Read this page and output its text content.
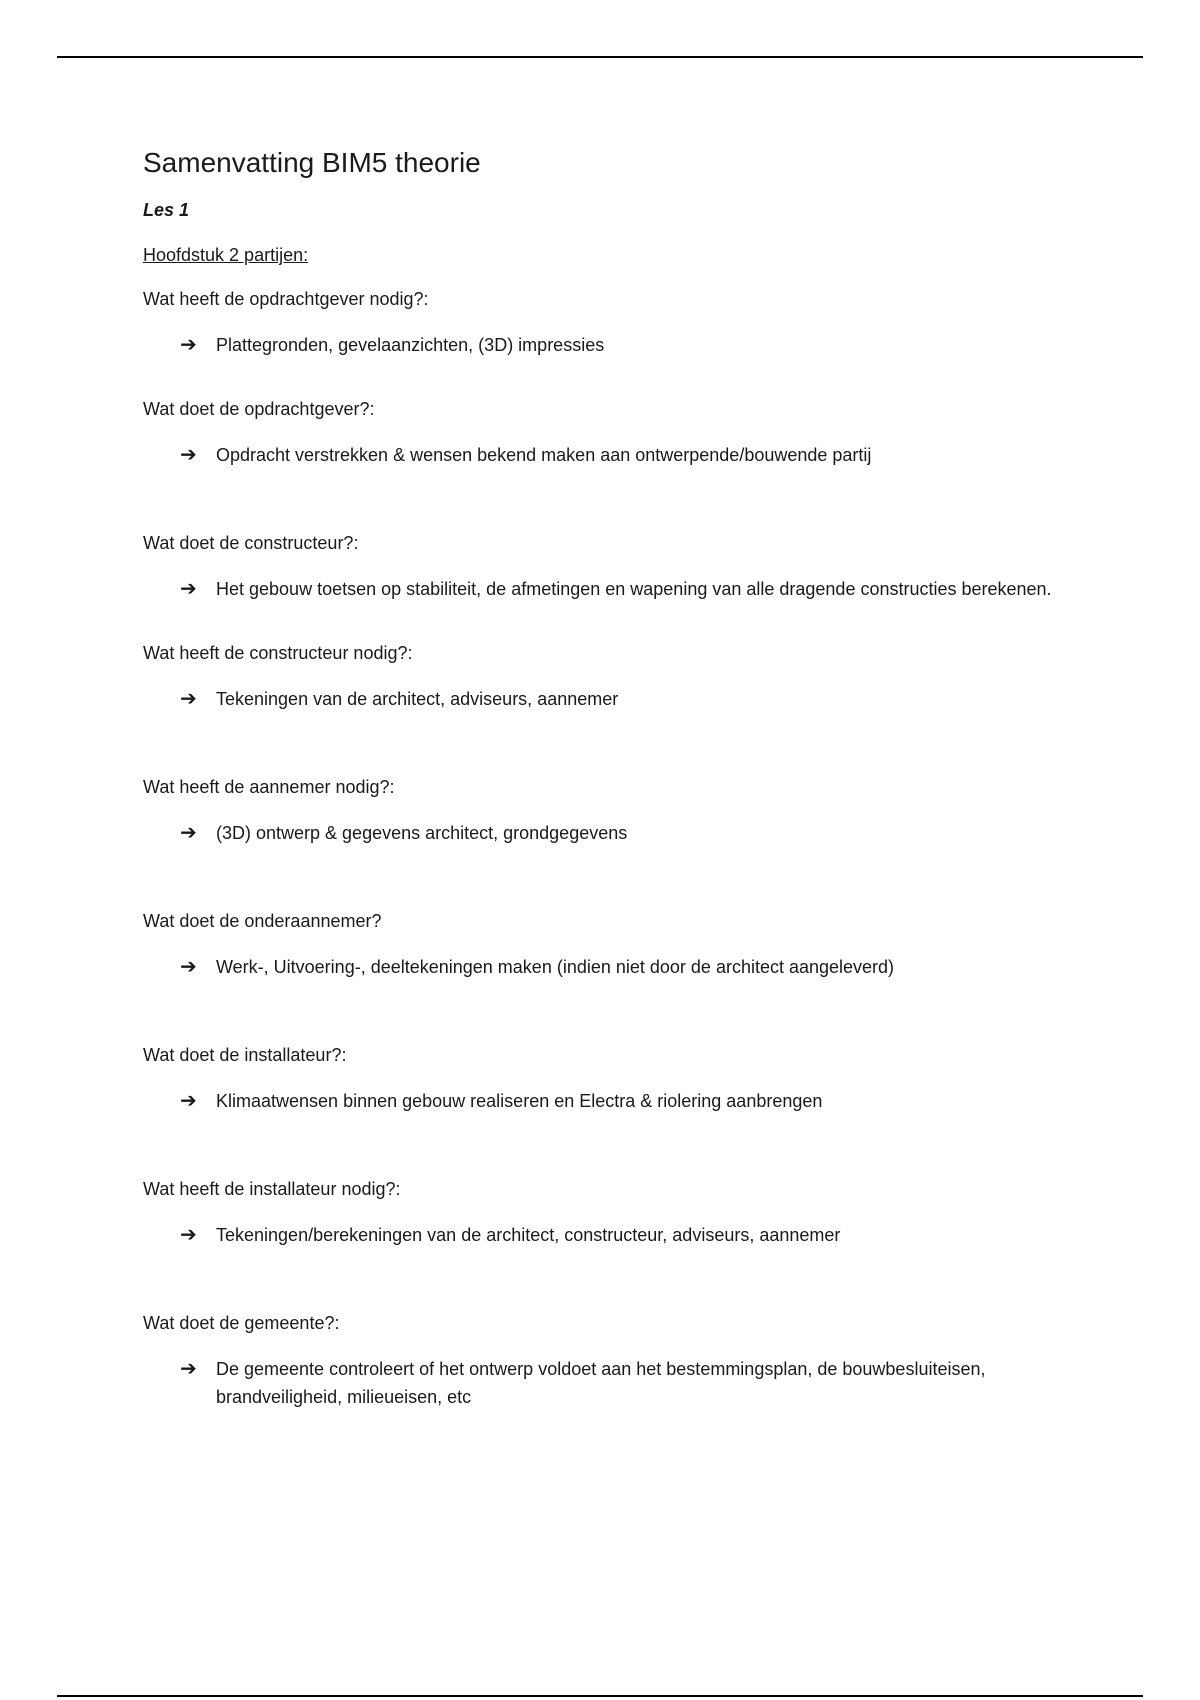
Samenvatting BIM5 theorie
Les 1
Hoofdstuk 2 partijen:
Wat heeft de opdrachtgever nodig?:
➔	Plattegronden, gevelaanzichten, (3D) impressies
Wat doet de opdrachtgever?:
➔	Opdracht verstrekken & wensen bekend maken aan ontwerpende/bouwende partij
Wat doet de constructeur?:
➔	Het gebouw toetsen op stabiliteit, de afmetingen en wapening van alle dragende constructies berekenen.
Wat heeft de constructeur nodig?:
➔	Tekeningen van de architect, adviseurs, aannemer
Wat heeft de aannemer nodig?:
➔	(3D) ontwerp & gegevens architect, grondgegevens
Wat doet de onderaannemer?
➔	Werk-, Uitvoering-, deeltekeningen maken (indien niet door de architect aangeleverd)
Wat doet de installateur?:
➔	Klimaatwensen binnen gebouw realiseren en Electra & riolering aanbrengen
Wat heeft de installateur nodig?:
➔	Tekeningen/berekeningen van de architect, constructeur, adviseurs, aannemer
Wat doet de gemeente?:
➔	De gemeente controleert of het ontwerp voldoet aan het bestemmingsplan, de bouwbesluiteisen, brandveiligheid, milieueisen, etc
